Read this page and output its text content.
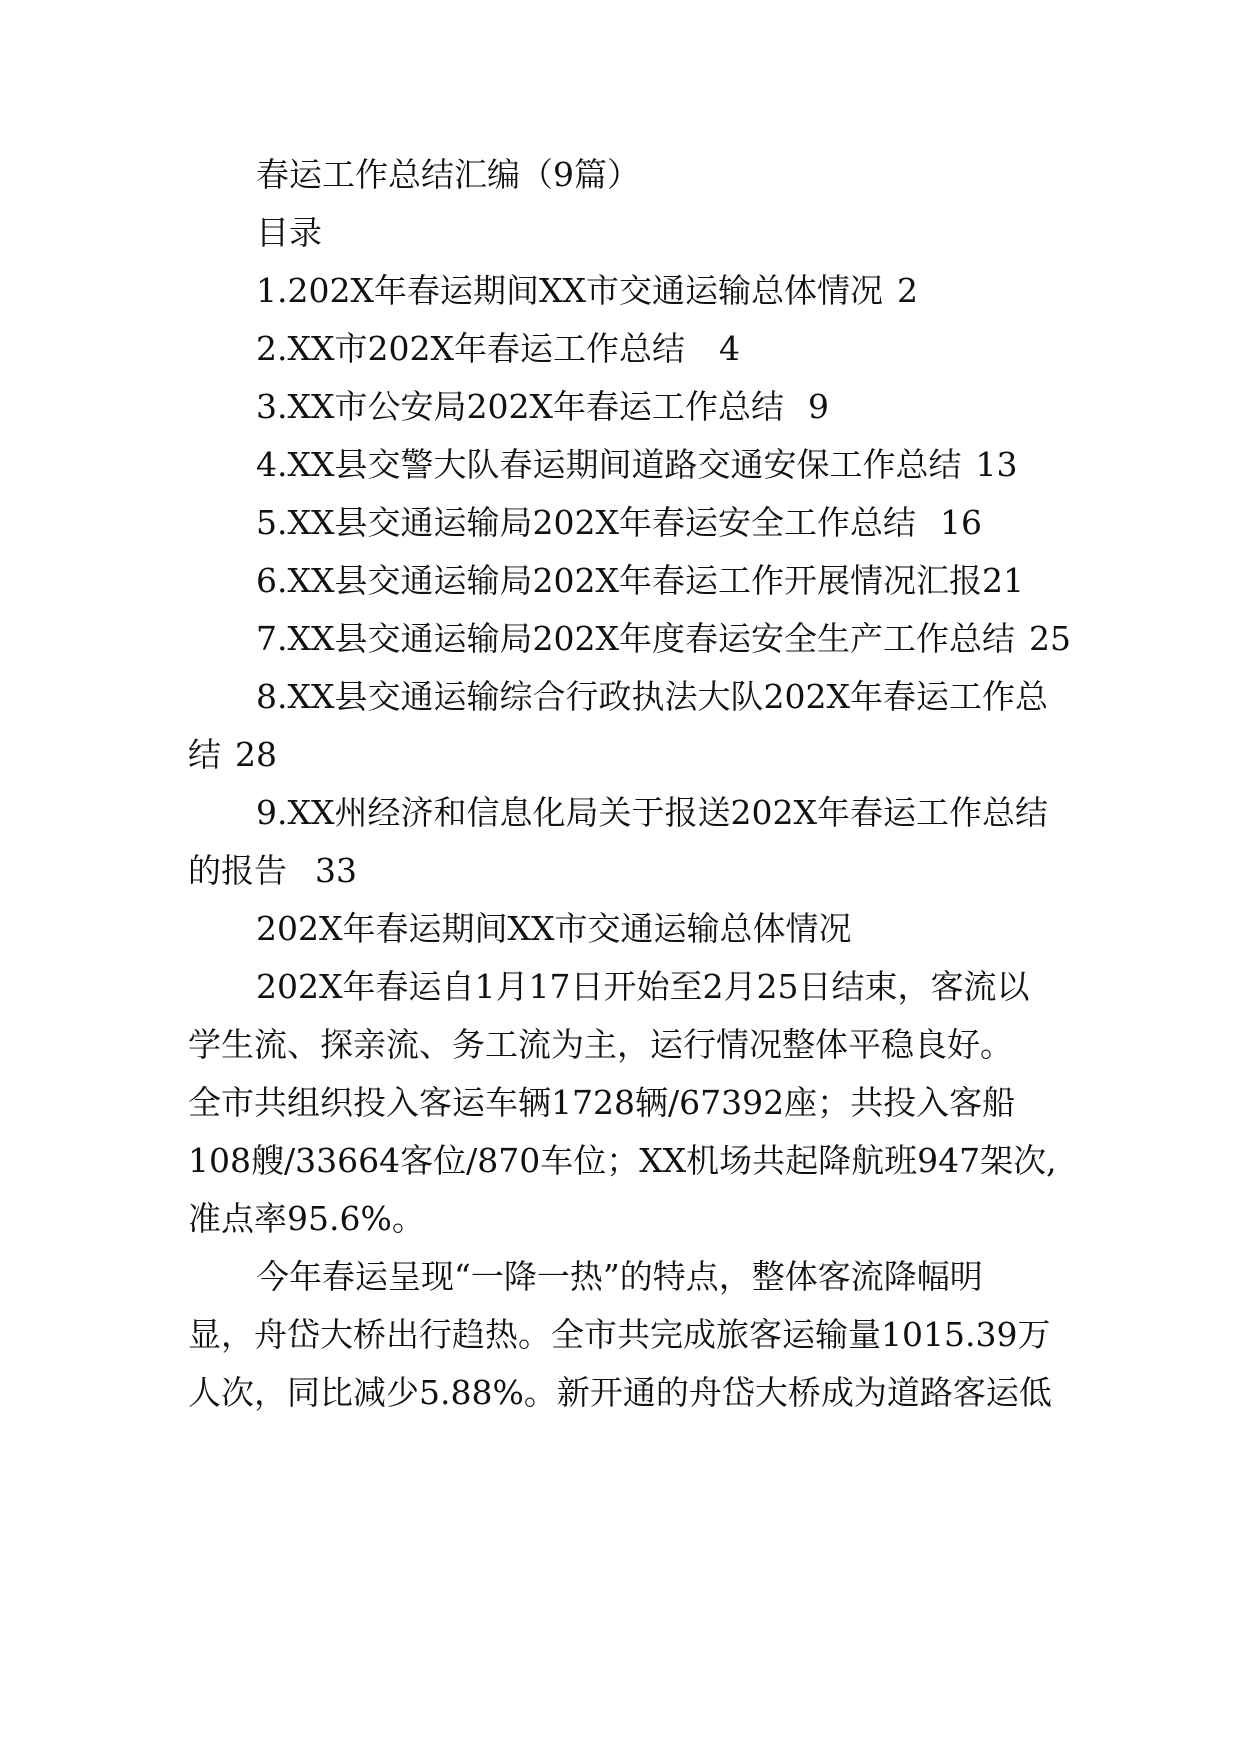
春运工作总结汇编（9篇）

目录

1.202X年春运期间XX市交通运输总体情况 2

2.XX市202X年春运工作总结 4

3.XX市公安局202X年春运工作总结 9

4.XX县交警大队春运期间道路交通安保工作总结 13

5.XX县交通运输局202X年春运安全工作总结 16

6.XX县交通运输局202X年春运工作开展情况汇报21

7.XX县交通运输局202X年度春运安全生产工作总结 25

8.XX县交通运输综合行政执法大队202X年春运工作总

结 28

9.XX州经济和信息化局关于报送202X年春运工作总结

的报告 33

202X年春运期间XX市交通运输总体情况

202X年春运自1月17日开始至2月25日结束，客流以

学生流、探亲流、务工流为主，运行情况整体平稳良好。

全市共组织投入客运车辆1728辆/67392座；共投入客船

108艘/33664客位/870车位；XX机场共起降航班947架次,

准点率95.6%。

今年春运呈现“一降一热”的特点，整体客流降幅明

显，舟岱大桥出行趋热。全市共完成旅客运输量1015.39万

人次，同比减少5.88%。新开通的舟岱大桥成为道路客运低
